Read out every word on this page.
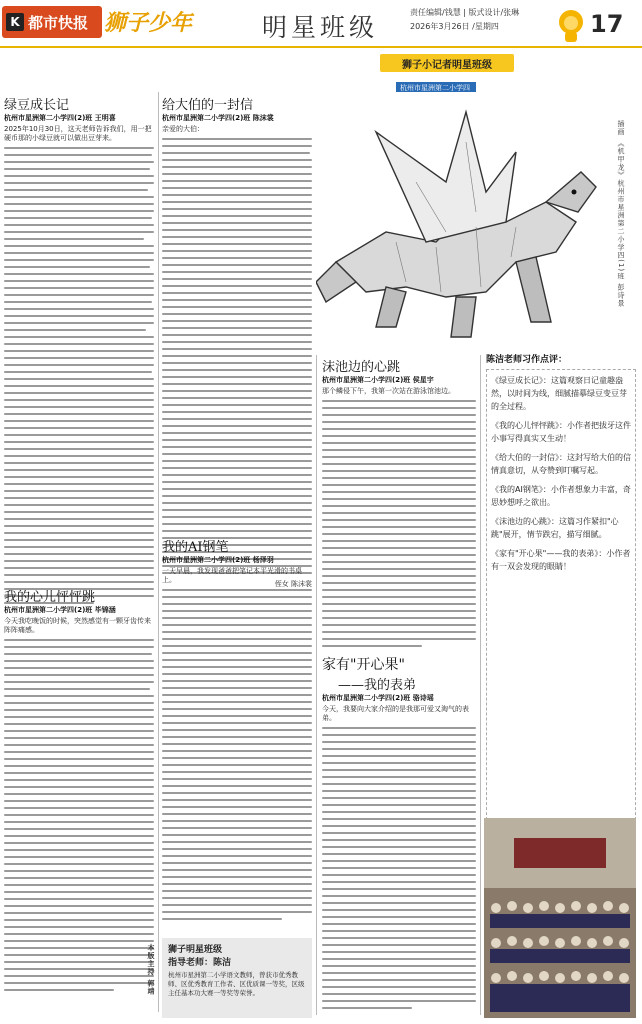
K 都市快报 狮子少年	明星班级
责任编辑/钱慧 | 版式设计/张琳
2026年3月26日 /星期四	17
狮子小记者明星班级
杭州市星洲第二小学四
插画 《机甲龙》杭州市星洲第二小学四(1)班 彭诗景
绿豆成长记
杭州市星洲第二小学四(2)班 王明喜
2025年10月30日，这天老师告诉我们，用一把硬币那的小绿豆就可以做出豆芽来。
我的心儿怦怦跳
杭州市星洲第二小学四(2)班 毕锦涵
今天我吃晚饭的时候，突然感觉有一颗牙齿传来阵阵痛感。
给大伯的一封信
杭州市星洲第二小学四(2)班 陈沫裳
亲爱的大伯：
侄女 陈沫裳
我的AI钢笔
杭州市星洲第二小学四(2)班 杨泽羽
一天早晨，我发现爸爸把笔记本平光滑的书桌上。
狮子明星班级
指导老师：陈洁
杭州市星洲第二小学语文教师，曾获市优秀教师、区优秀教育工作者、区优质课一等奖，区级主任基本功大赛一等奖等荣誉。
沫池边的心跳
杭州市星洲第二小学四(2)班 侯星宇
那个鳞侵下午，我第一次站在游泳馆池边。
家有"开心果"
——我的表弟
杭州市星洲第二小学四(2)班 骆诗瑶
今天，我要向大家介绍的是我那可爱又淘气的表弟。
陈洁老师习作点评：
《绿豆成长记》：这篇观察日记童趣盎然，以时间为线，细腻描摹绿豆变豆芽的全过程。
《我的心儿怦怦跳》：小作者把拔牙这件小事写得真实又生动！
《给大伯的一封信》：这封写给大伯的信情真意切，从夸赞到叮嘱写起。
《我的AI钢笔》：小作者想象力丰富，奇思妙想呼之欲出。
《沫池边的心跳》：这篇习作紧扣"心跳"展开，情节跌宕，描写细腻。
《家有"开心果"——我的表弟》：小作者有一双会发现的眼睛！
本版主持 郭靖
